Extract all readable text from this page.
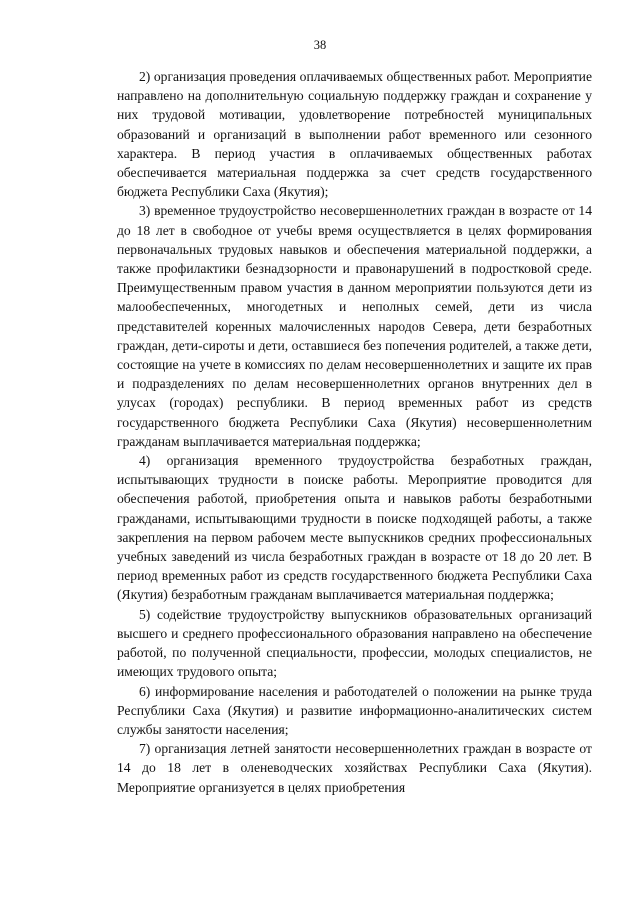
38

2) организация проведения оплачиваемых общественных работ. Мероприятие направлено на дополнительную социальную поддержку граждан и сохранение у них трудовой мотивации, удовлетворение потребностей муниципальных образований и организаций в выполнении работ временного или сезонного характера. В период участия в оплачиваемых общественных работах обеспечивается материальная поддержка за счет средств государственного бюджета Республики Саха (Якутия);

3) временное трудоустройство несовершеннолетних граждан в возрасте от 14 до 18 лет в свободное от учебы время осуществляется в целях формирования первоначальных трудовых навыков и обеспечения материальной поддержки, а также профилактики безнадзорности и правонарушений в подростковой среде. Преимущественным правом участия в данном мероприятии пользуются дети из малообеспеченных, многодетных и неполных семей, дети из числа представителей коренных малочисленных народов Севера, дети безработных граждан, дети-сироты и дети, оставшиеся без попечения родителей, а также дети, состоящие на учете в комиссиях по делам несовершеннолетних и защите их прав и подразделениях по делам несовершеннолетних органов внутренних дел в улусах (городах) республики. В период временных работ из средств государственного бюджета Республики Саха (Якутия) несовершеннолетним гражданам выплачивается материальная поддержка;

4) организация временного трудоустройства безработных граждан, испытывающих трудности в поиске работы. Мероприятие проводится для обеспечения работой, приобретения опыта и навыков работы безработными гражданами, испытывающими трудности в поиске подходящей работы, а также закрепления на первом рабочем месте выпускников средних профессиональных учебных заведений из числа безработных граждан в возрасте от 18 до 20 лет. В период временных работ из средств государственного бюджета Республики Саха (Якутия) безработным гражданам выплачивается материальная поддержка;

5) содействие трудоустройству выпускников образовательных организаций высшего и среднего профессионального образования направлено на обеспечение работой, по полученной специальности, профессии, молодых специалистов, не имеющих трудового опыта;

6) информирование населения и работодателей о положении на рынке труда Республики Саха (Якутия) и развитие информационно-аналитических систем службы занятости населения;

7) организация летней занятости несовершеннолетних граждан в возрасте от 14 до 18 лет в оленеводческих хозяйствах Республики Саха (Якутия). Мероприятие организуется в целях приобретения
